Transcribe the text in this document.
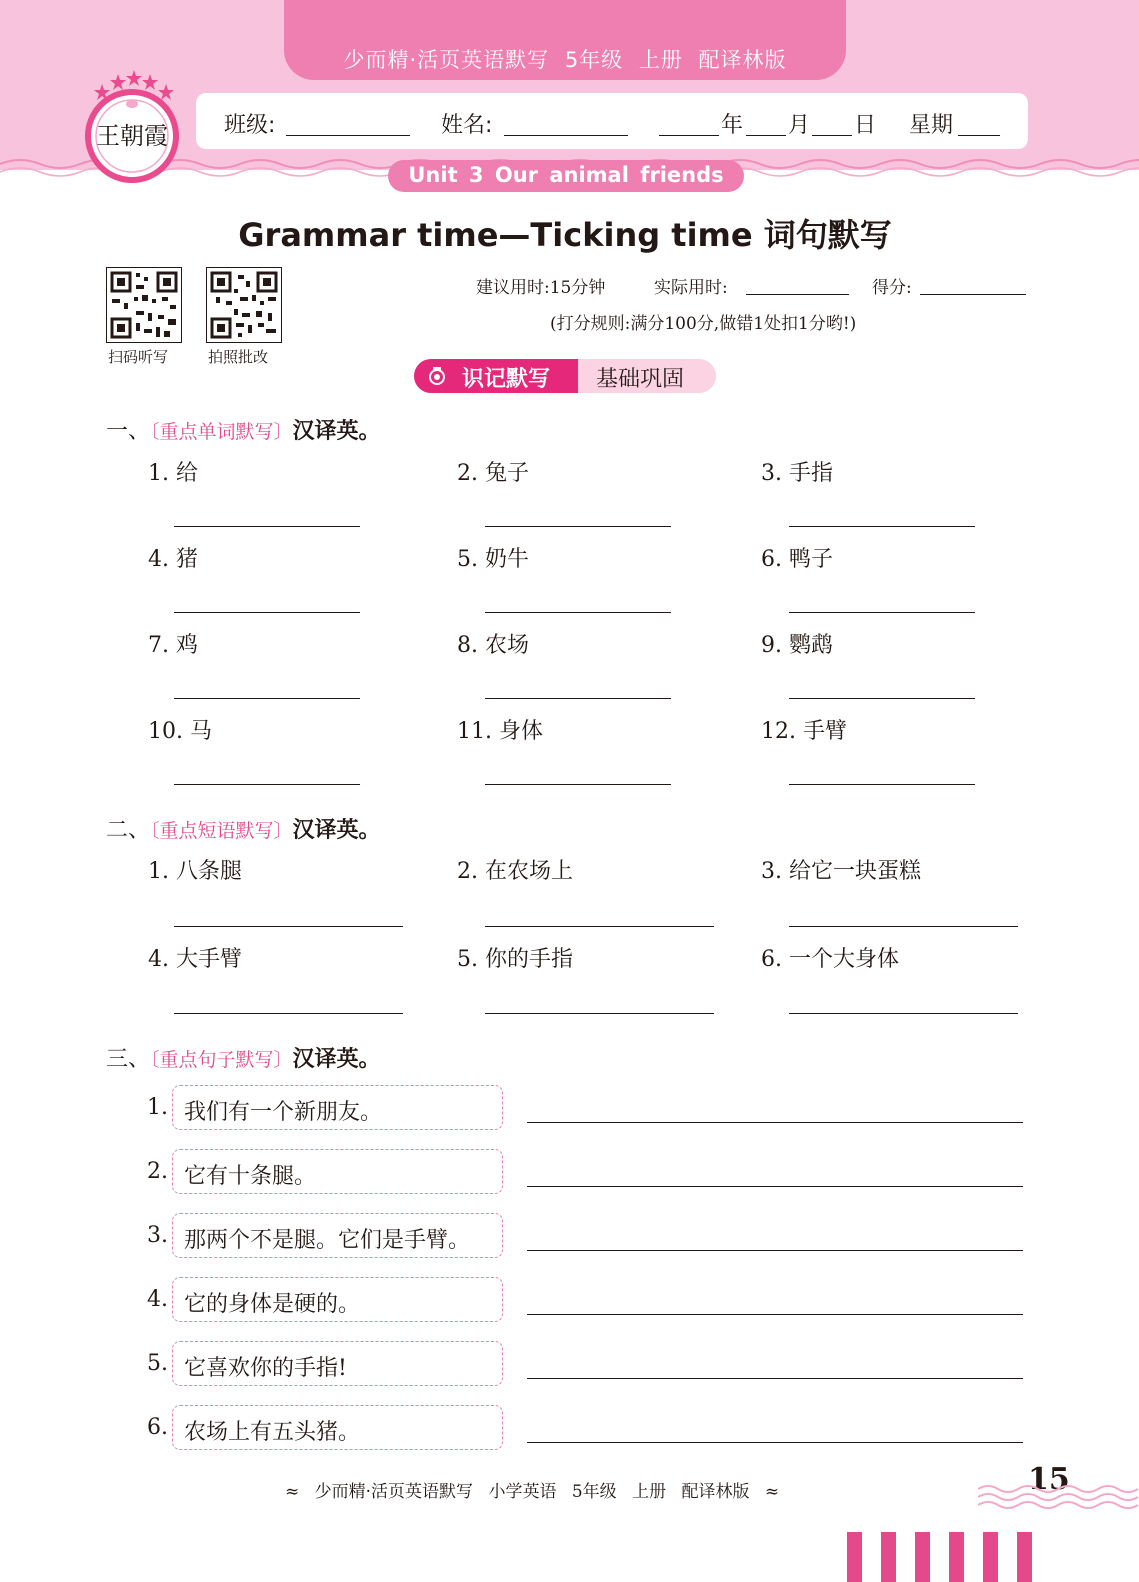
少而精·活页英语默写 5年级 上册 配译林版
班级:	姓名:	年 月 日 星期
王朝霞
Unit 3 Our animal friends
Grammar time—Ticking time 词句默写
扫码听写	拍照批改
建议用时:15分钟	实际用时:	得分:
(打分规则:满分100分,做错1处扣1分哟!)
识记默写 基础巩固
一、〔重点单词默写〕汉译英。
1. 给	2. 兔子	3. 手指
4. 猪	5. 奶牛	6. 鸭子
7. 鸡	8. 农场	9. 鹦鹉
10. 马	11. 身体	12. 手臂
二、〔重点短语默写〕汉译英。
1. 八条腿	2. 在农场上	3. 给它一块蛋糕
4. 大手臂	5. 你的手指	6. 一个大身体
三、〔重点句子默写〕汉译英。
1. 我们有一个新朋友。
2. 它有十条腿。
3. 那两个不是腿。它们是手臂。
4. 它的身体是硬的。
5. 它喜欢你的手指!
6. 农场上有五头猪。
≈ 少而精·活页英语默写 小学英语 5年级 上册 配译林版 ≈	15
